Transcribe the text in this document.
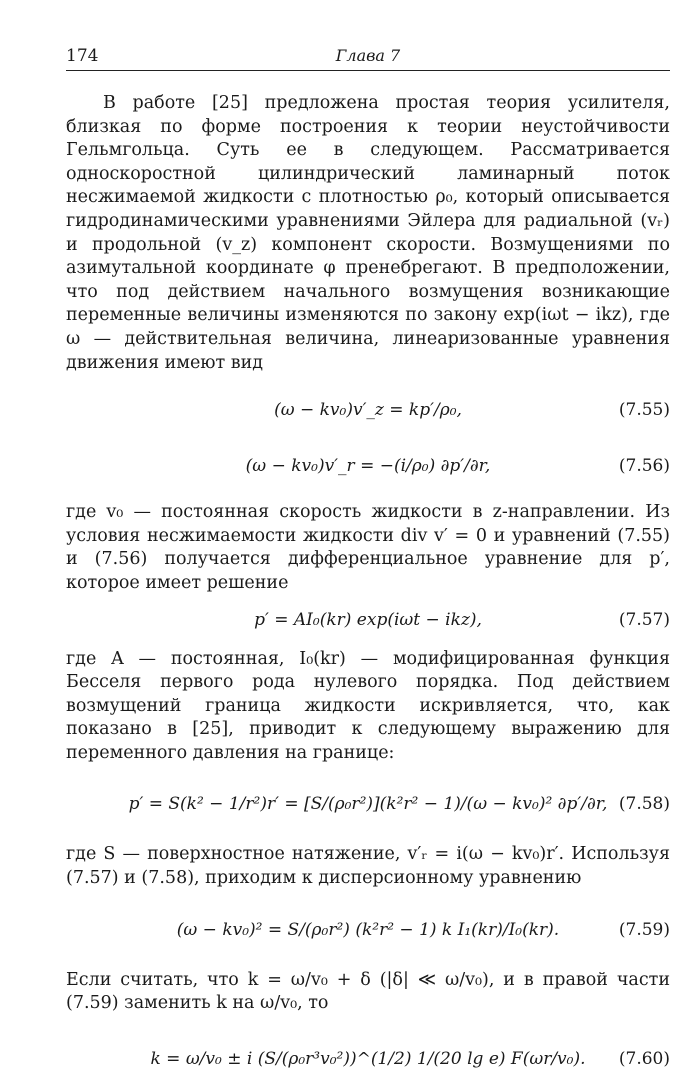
174	Глава 7

В работе [25] предложена простая теория усилителя, близкая по форме построения к теории неустойчивости Гельмгольца. Суть ее в следующем. Рассматривается односкоростной цилиндрический ламинарный поток несжимаемой жидкости с плотностью ρ₀, который описывается гидродинамическими уравнениями Эйлера для радиальной (vᵣ) и продольной (v_z) компонент скорости. Возмущениями по азимутальной координате φ пренебрегают. В предположении, что под действием начального возмущения возникающие переменные величины изменяются по закону exp(iωt − ikz), где ω — действительная величина, линеаризованные уравнения движения имеют вид

(ω − kv₀)v′_z = kp′/ρ₀,	(7.55)
(ω − kv₀)v′_r = −(i/ρ₀) ∂p′/∂r,	(7.56)

где v₀ — постоянная скорость жидкости в z-направлении. Из условия несжимаемости жидкости div v′ = 0 и уравнений (7.55) и (7.56) получается дифференциальное уравнение для p′, которое имеет решение

p′ = AI₀(kr) exp(iωt − ikz),	(7.57)

где A — постоянная, I₀(kr) — модифицированная функция Бесселя первого рода нулевого порядка. Под действием возмущений граница жидкости искривляется, что, как показано в [25], приводит к следующему выражению для переменного давления на границе:

p′ = S(k² − 1/r²)r′ = [S/(ρ₀r²)](k²r² − 1)/(ω − kv₀)² ∂p′/∂r, (7.58)

где S — поверхностное натяжение, v′ᵣ = i(ω − kv₀)r′. Используя (7.57) и (7.58), приходим к дисперсионному уравнению

(ω − kv₀)² = S/(ρ₀r²) (k²r² − 1) k I₁(kr)/I₀(kr).	(7.59)

Если считать, что k = ω/v₀ + δ (|δ| ≪ ω/v₀), и в правой части (7.59) заменить k на ω/v₀, то

k = ω/v₀ ± i (S/(ρ₀r³v₀²))^(1/2) 1/(20 lg e) F(ωr/v₀).	(7.60)
